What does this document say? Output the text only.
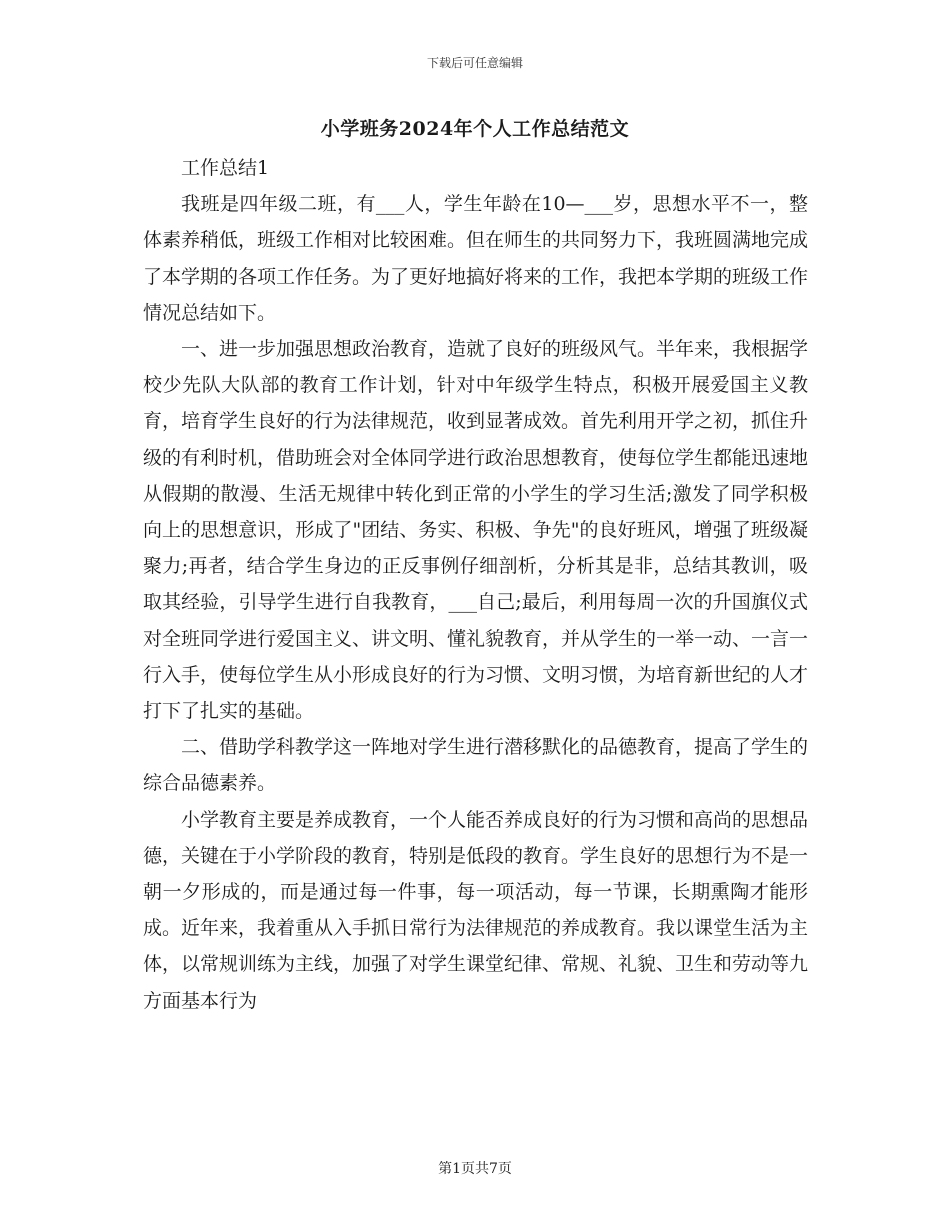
下载后可任意编辑
小学班务2024年个人工作总结范文

工作总结1

我班是四年级二班，有___人，学生年龄在10—___岁，思想水平不一，整体素养稍低，班级工作相对比较困难。但在师生的共同努力下，我班圆满地完成了本学期的各项工作任务。为了更好地搞好将来的工作，我把本学期的班级工作情况总结如下。

一、进一步加强思想政治教育，造就了良好的班级风气。半年来，我根据学校少先队大队部的教育工作计划，针对中年级学生特点，积极开展爱国主义教育，培育学生良好的行为法律规范，收到显著成效。首先利用开学之初，抓住升级的有利时机，借助班会对全体同学进行政治思想教育，使每位学生都能迅速地从假期的散漫、生活无规律中转化到正常的小学生的学习生活;激发了同学积极向上的思想意识，形成了"团结、务实、积极、争先"的良好班风，增强了班级凝聚力;再者，结合学生身边的正反事例仔细剖析，分析其是非，总结其教训，吸取其经验，引导学生进行自我教育，___自己;最后，利用每周一次的升国旗仪式对全班同学进行爱国主义、讲文明、懂礼貌教育，并从学生的一举一动、一言一行入手，使每位学生从小形成良好的行为习惯、文明习惯，为培育新世纪的人才打下了扎实的基础。

二、借助学科教学这一阵地对学生进行潜移默化的品德教育，提高了学生的综合品德素养。

小学教育主要是养成教育，一个人能否养成良好的行为习惯和高尚的思想品德，关键在于小学阶段的教育，特别是低段的教育。学生良好的思想行为不是一朝一夕形成的，而是通过每一件事，每一项活动，每一节课，长期熏陶才能形成。近年来，我着重从入手抓日常行为法律规范的养成教育。我以课堂生活为主体，以常规训练为主线，加强了对学生课堂纪律、常规、礼貌、卫生和劳动等九方面基本行为

第1页共7页
